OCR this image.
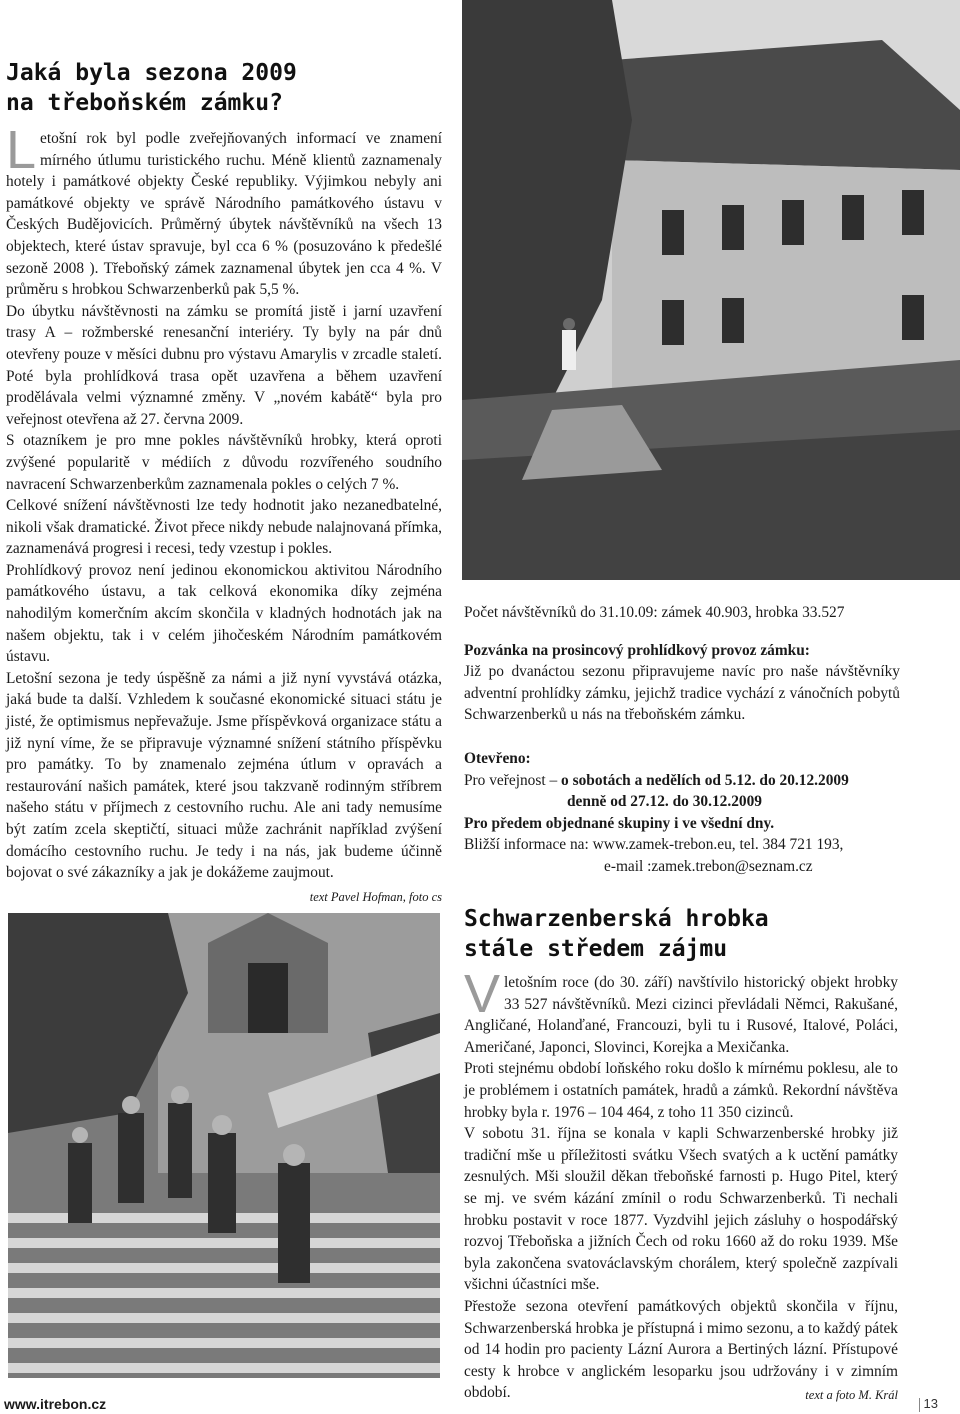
Jaká byla sezona 2009
na třeboňském zámku?

Letošní rok byl podle zveřejňovaných informací ve znamení mírného útlumu turistického ruchu. Méně klientů zaznamenaly hotely i památkové objekty České republiky. Výjimkou nebyly ani památkové objekty ve správě Národního památkového ústavu v Českých Budějovicích. Průměrný úbytek návštěvníků na všech 13 objektech, které ústav spravuje, byl cca 6 % (posuzováno k předešlé sezoně 2008 ). Třeboňský zámek zaznamenal úbytek jen cca 4 %. V průměru s hrobkou Schwarzenberků pak 5,5 %.

Do úbytku návštěvnosti na zámku se promítá jistě i jarní uzavření trasy A – rožmberské renesanční interiéry. Ty byly na pár dnů otevřeny pouze v měsíci dubnu pro výstavu Amarylis v zrcadle staletí. Poté byla prohlídková trasa opět uzavřena a během uzavření prodělávala velmi významné změny. V „novém kabátě“ byla pro veřejnost otevřena až 27. června 2009.

S otazníkem je pro mne pokles návštěvníků hrobky, která oproti zvýšené popularitě v médiích z důvodu rozvířeného soudního navracení Schwarzenberkům zaznamenala pokles o celých 7 %.

Celkové snížení návštěvnosti lze tedy hodnotit jako nezanedbatelné, nikoli však dramatické. Život přece nikdy nebude nalajnovaná přímka, zaznamenává progresi i recesi, tedy vzestup i pokles.

Prohlídkový provoz není jedinou ekonomickou aktivitou Národního památkového ústavu, a tak celková ekonomika díky zejména nahodilým komerčním akcím skončila v kladných hodnotách jak na našem objektu, tak i v celém jihočeském Národním památkovém ústavu.

Letošní sezona je tedy úspěšně za námi a již nyní vyvstává otázka, jaká bude ta další. Vzhledem k současné ekonomické situaci státu je jisté, že optimismus nepřevažuje. Jsme příspěvková organizace státu a již nyní víme, že se připravuje významné snížení státního příspěvku pro památky. To by znamenalo zejména útlum v opravách a restaurování našich památek, které jsou takzvaně rodinným stříbrem našeho státu v příjmech z cestovního ruchu. Ale ani tady nemusíme být zatím zcela skeptičtí, situaci může zachránit například zvýšení domácího cestovního ruchu. Je tedy i na nás, jak budeme účinně bojovat o své zákazníky a jak je dokážeme zaujmout.
text Pavel Hofman, foto cs

Počet návštěvníků do 31.10.09: zámek 40.903, hrobka 33.527

Pozvánka na prosincový prohlídkový provoz zámku:

Již po dvanáctou sezonu připravujeme navíc pro naše návštěvníky adventní prohlídky zámku, jejichž tradice vychází z vánočních pobytů Schwarzenberků u nás na třeboňském zámku.

Otevřeno:

Pro veřejnost – o sobotách a nedělích od 5.12. do 20.12.2009

denně od 27.12. do 30.12.2009

Pro předem objednané skupiny i ve všední dny.

Bližší informace na: www.zamek-trebon.eu, tel. 384 721 193,

e-mail :zamek.trebon@seznam.cz

Schwarzenberská hrobka
stále středem zájmu

Vletošním roce (do 30. září) navštívilo historický objekt hrobky 33 527 návštěvníků. Mezi cizinci převládali Němci, Rakušané, Angličané, Holanďané, Francouzi, byli tu i Rusové, Italové, Poláci, Američané, Japonci, Slovinci, Korejka a Mexičanka.

Proti stejnému období loňského roku došlo k mírnému poklesu, ale to je problémem i ostatních památek, hradů a zámků. Rekordní návštěva hrobky byla r. 1976 – 104 464, z toho 11 350 cizinců.

V sobotu 31. října se konala v kapli Schwarzenberské hrobky již tradiční mše u příležitosti svátku Všech svatých a k uctění památky zesnulých. Mši sloužil děkan třeboňské farnosti p. Hugo Pitel, který se mj. ve svém kázání zmínil o rodu Schwarzenberků. Ti nechali hrobku postavit v roce 1877. Vyzdvihl jejich zásluhy o hospodářský rozvoj Třeboňska a jižních Čech od roku 1660 až do roku 1939. Mše byla zakončena svatováclavským chorálem, který společně zazpívali všichni účastníci mše.

Přestože sezona otevření památkových objektů skončila v říjnu, Schwarzenberská hrobka je přístupná i mimo sezonu, a to každý pátek od 14 hodin pro pacienty Lázní Aurora a Bertiných lázní. Přístupové cesty k hrobce v anglickém lesoparku jsou udržovány i v zimním období.	text a foto M. Král

www.itrebon.cz	13
